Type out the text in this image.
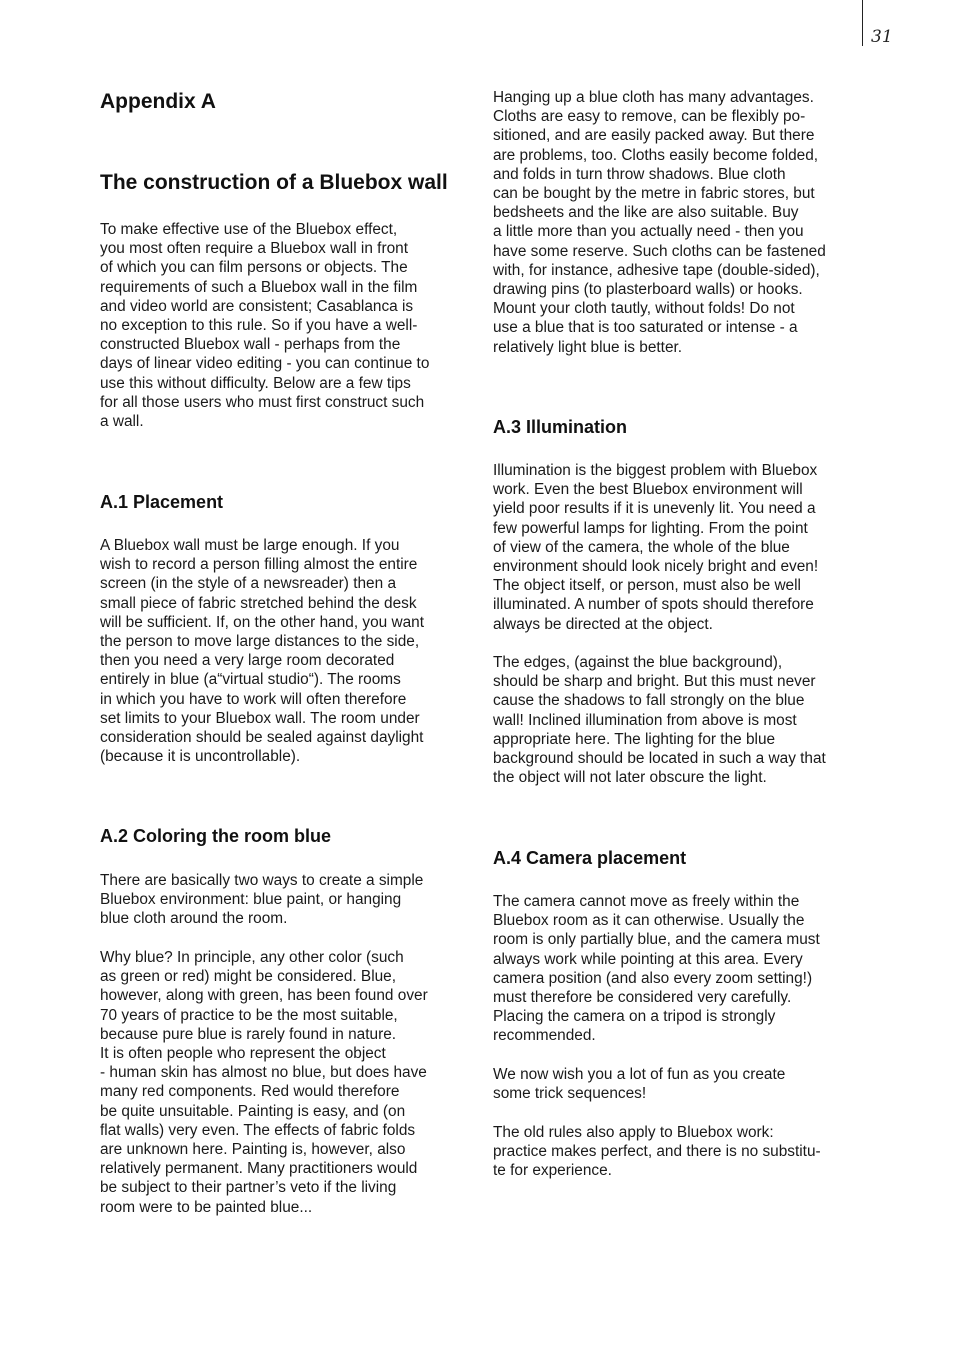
31
Appendix A
The construction of a Bluebox wall

To make effective use of the Bluebox effect,
you most often require a Bluebox wall in front
of which you can film persons or objects. The
requirements of such a Bluebox wall in the film
and video world are consistent; Casablanca is
no exception to this rule. So if you have a well-
constructed Bluebox wall - perhaps from the
days of linear video editing - you can continue to
use this without difficulty. Below are a few tips
for all those users who must first construct such
a wall.

A.1 Placement

A Bluebox wall must be large enough. If you
wish to record a person filling almost the entire
screen (in the style of a newsreader) then a
small piece of fabric stretched behind the desk
will be sufficient. If, on the other hand, you want
the person to move large distances to the side,
then you need a very large room decorated
entirely in blue (a“virtual studio“). The rooms
in which you have to work will often therefore
set limits to your Bluebox wall. The room under
consideration should be sealed against daylight
(because it is uncontrollable).

A.2 Coloring the room blue

There are basically two ways to create a simple
Bluebox environment: blue paint, or hanging
blue cloth around the room.

Why blue? In principle, any other color (such
as green or red) might be considered. Blue,
however, along with green, has been found over
70 years of practice to be the most suitable,
because pure blue is rarely found in nature.
It is often people who represent the object
- human skin has almost no blue, but does have
many red components. Red would therefore
be quite unsuitable. Painting is easy, and (on
flat walls) very even. The effects of fabric folds
are unknown here. Painting is, however, also
relatively permanent. Many practitioners would
be subject to their partner’s veto if the living
room were to be painted blue...

Hanging up a blue cloth has many advantages.
Cloths are easy to remove, can be flexibly po-
sitioned, and are easily packed away. But there
are problems, too. Cloths easily become folded,
and folds in turn throw shadows. Blue cloth
can be bought by the metre in fabric stores, but
bedsheets and the like are also suitable. Buy
a little more than you actually need - then you
have some reserve. Such cloths can be fastened
with, for instance, adhesive tape (double-sided),
drawing pins (to plasterboard walls) or hooks.
Mount your cloth tautly, without folds! Do not
use a blue that is too saturated or intense - a
relatively light blue is better.

A.3 Illumination

Illumination is the biggest problem with Bluebox
work. Even the best Bluebox environment will
yield poor results if it is unevenly lit. You need a
few powerful lamps for lighting. From the point
of view of the camera, the whole of the blue
environment should look nicely bright and even!
The object itself, or person, must also be well
illuminated. A number of spots should therefore
always be directed at the object.

The edges, (against the blue background),
should be sharp and bright. But this must never
cause the shadows to fall strongly on the blue
wall! Inclined illumination from above is most
appropriate here. The lighting for the blue
background should be located in such a way that
the object will not later obscure the light.

A.4 Camera placement

The camera cannot move as freely within the
Bluebox room as it can otherwise. Usually the
room is only partially blue, and the camera must
always work while pointing at this area. Every
camera position (and also every zoom setting!)
must therefore be considered very carefully.
Placing the camera on a tripod is strongly
recommended.

We now wish you a lot of fun as you create
some trick sequences!

The old rules also apply to Bluebox work:
practice makes perfect, and there is no substitu-
te for experience.
